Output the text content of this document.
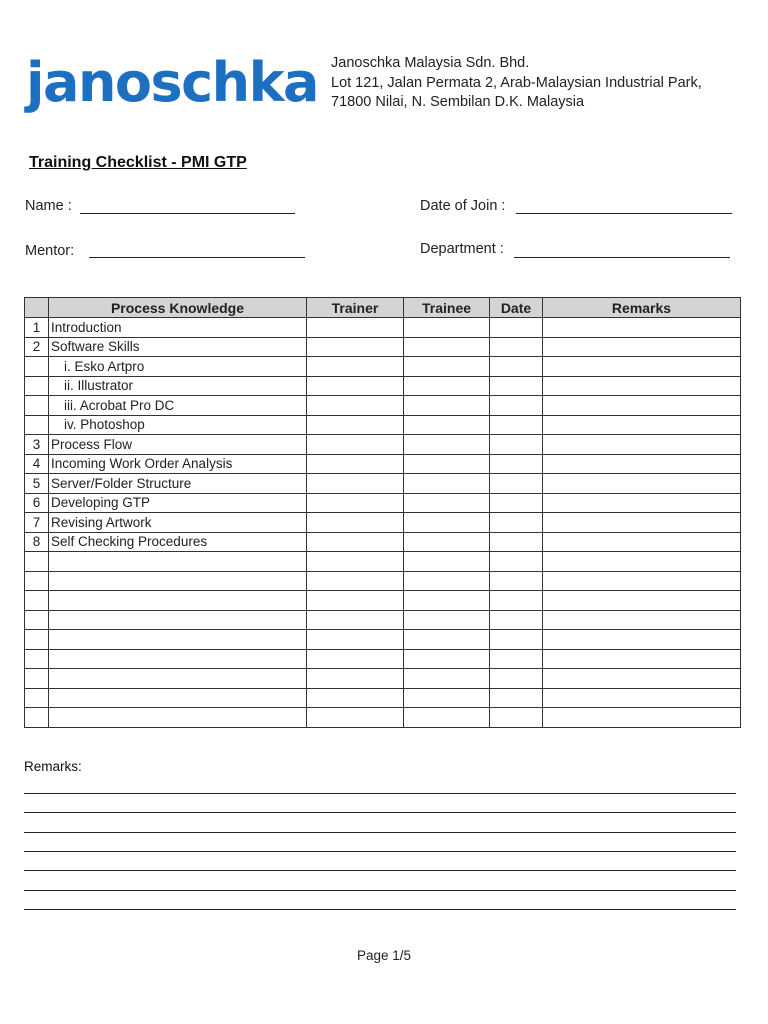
janoschka Janoschka Malaysia Sdn. Bhd.
Lot 121, Jalan Permata 2, Arab-Malaysian Industrial Park,
71800 Nilai, N. Sembilan D.K. Malaysia
Training Checklist - PMI GTP
Name :	Date of Join :
Mentor:	Department :
	Process Knowledge	Trainer	Trainee	Date	Remarks
1	Introduction				
2	Software Skills				
	i. Esko Artpro				
	ii. Illustrator				
	iii. Acrobat Pro DC				
	iv. Photoshop				
3	Process Flow				
4	Incoming Work Order Analysis				
5	Server/Folder Structure				
6	Developing GTP				
7	Revising Artwork				
8	Self Checking Procedures				

Remarks:
Page 1/5
